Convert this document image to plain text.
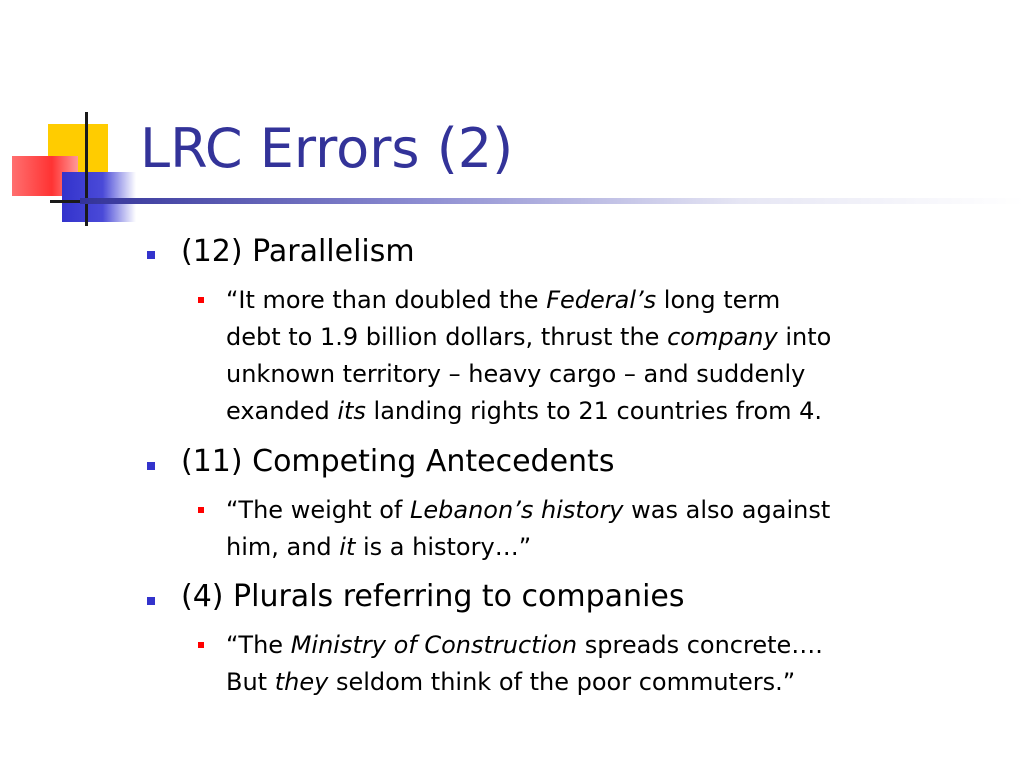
LRC Errors (2)
(12) Parallelism
“It more than doubled the Federal’s long term
debt to 1.9 billion dollars, thrust the company into
unknown territory – heavy cargo – and suddenly
exanded its landing rights to 21 countries from 4.
(11) Competing Antecedents
“The weight of Lebanon’s history was also against
him, and it is a history…”
(4) Plurals referring to companies
“The Ministry of Construction spreads concrete….
But they seldom think of the poor commuters.”
